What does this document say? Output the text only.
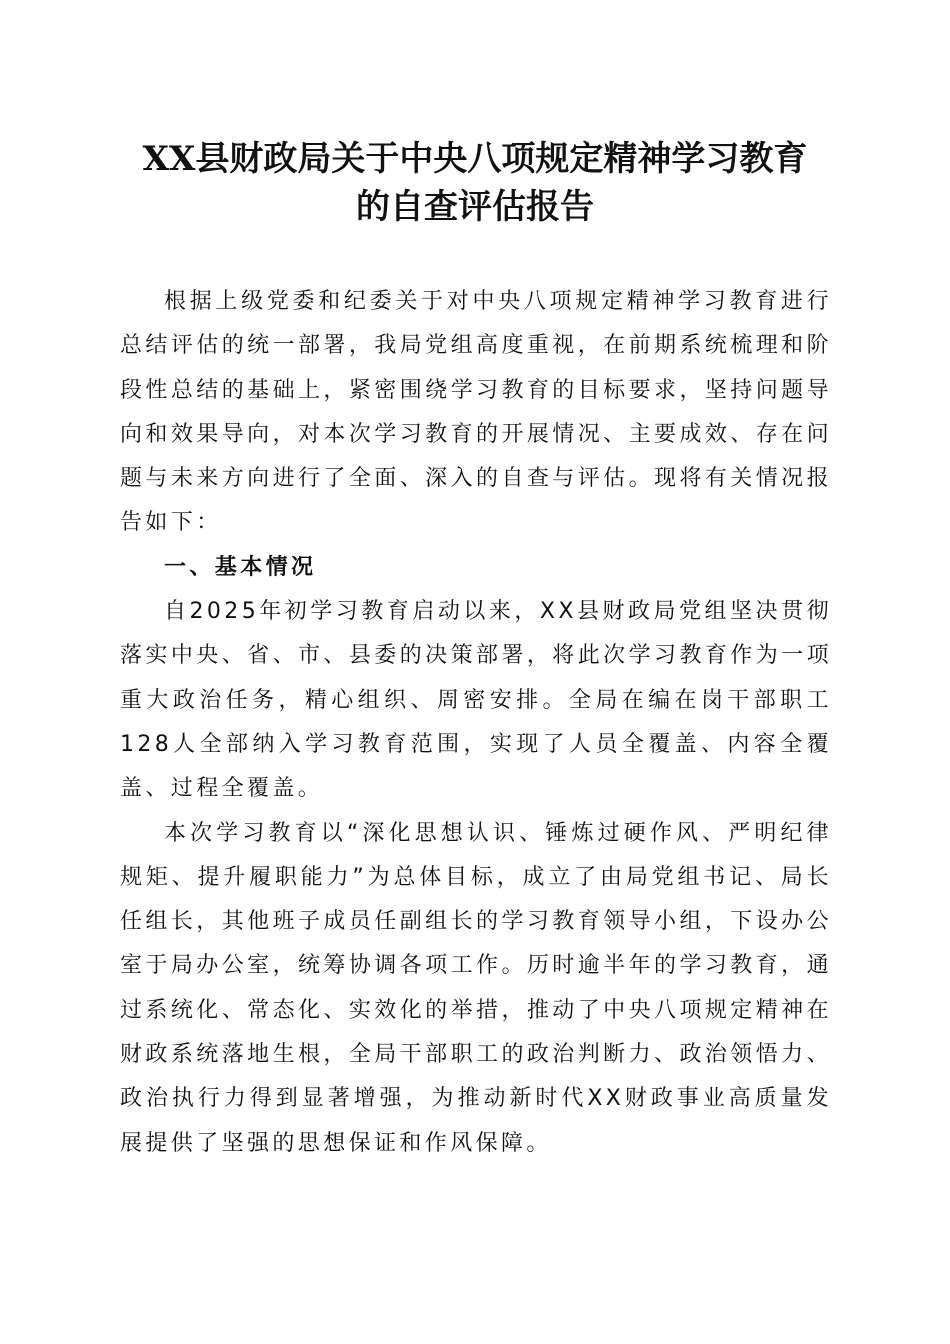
XX县财政局关于中央八项规定精神学习教育
的自查评估报告

根据上级党委和纪委关于对中央八项规定精神学习教育进行总结评估的统一部署，我局党组高度重视，在前期系统梳理和阶段性总结的基础上，紧密围绕学习教育的目标要求，坚持问题导向和效果导向，对本次学习教育的开展情况、主要成效、存在问题与未来方向进行了全面、深入的自查与评估。现将有关情况报告如下：

一、基本情况

自2025年初学习教育启动以来，XX县财政局党组坚决贯彻落实中央、省、市、县委的决策部署，将此次学习教育作为一项重大政治任务，精心组织、周密安排。全局在编在岗干部职工128人全部纳入学习教育范围，实现了人员全覆盖、内容全覆盖、过程全覆盖。

本次学习教育以“深化思想认识、锤炼过硬作风、严明纪律规矩、提升履职能力”为总体目标，成立了由局党组书记、局长任组长，其他班子成员任副组长的学习教育领导小组，下设办公室于局办公室，统筹协调各项工作。历时逾半年的学习教育，通过系统化、常态化、实效化的举措，推动了中央八项规定精神在财政系统落地生根，全局干部职工的政治判断力、政治领悟力、政治执行力得到显著增强，为推动新时代XX财政事业高质量发展提供了坚强的思想保证和作风保障。
